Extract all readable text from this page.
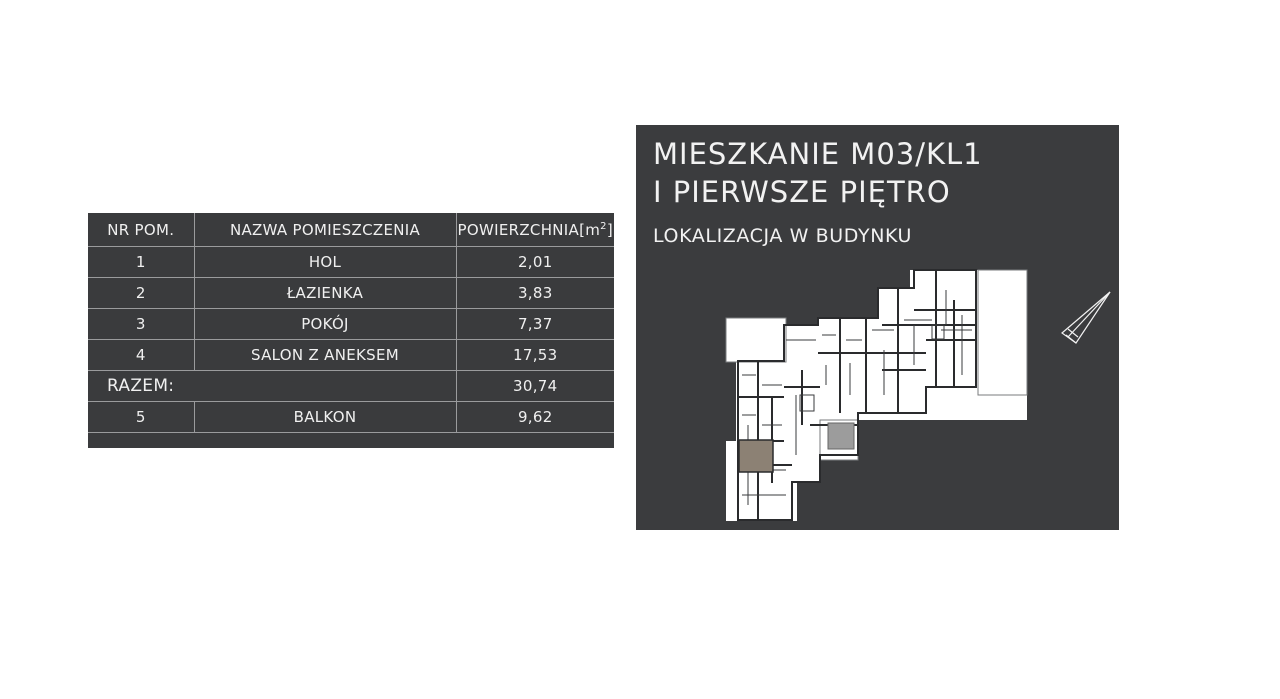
NR POM.	NAZWA POMIESZCZENIA	$POWIERZCHNIA[m^2]$
1	HOL	2,01
2	ŁAZIENKA	3,83
3	POKÓJ	7,37
4	SALON Z ANEKSEM	17,53
RAZEM:		30,74
5	BALKON	9,62
MIESZKANIE M03/KL1
I PIERWSZE PIĘTRO

LOKALIZACJA W BUDYNKU
